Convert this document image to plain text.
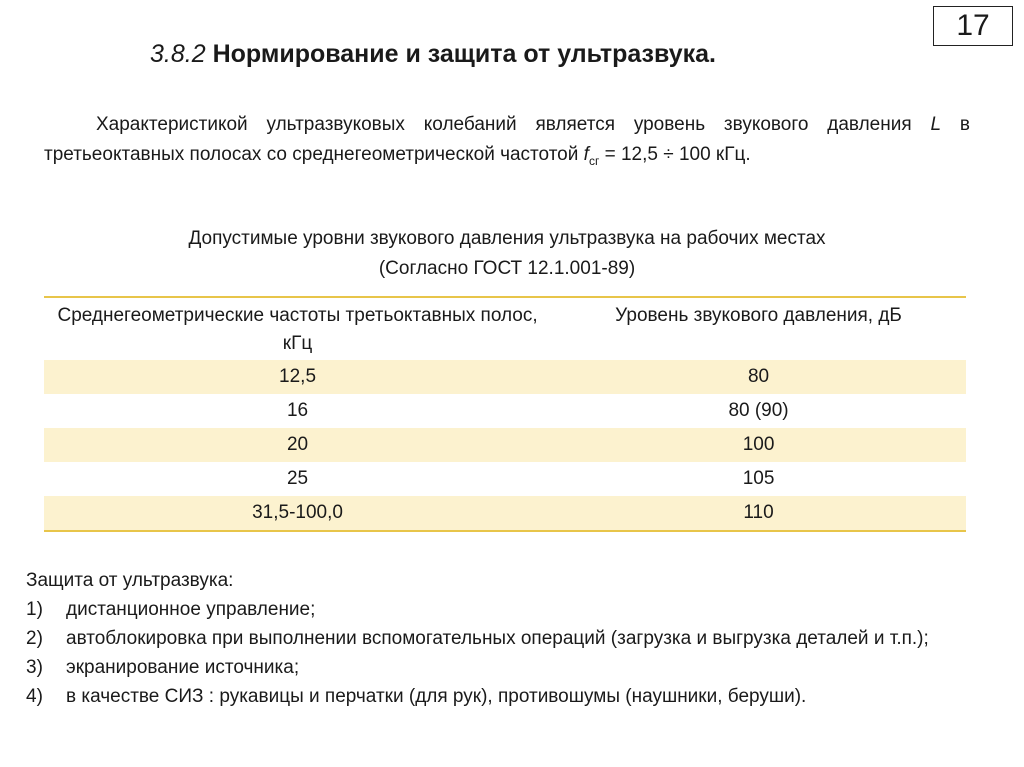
17
3.8.2 Нормирование и защита от ультразвука.

Характеристикой ультразвуковых колебаний является уровень звукового давления L в третьеоктавных полосах со среднегеометрической частотой $f_{сг} = 12,5 \div 100$ кГц.

Допустимые уровни звукового давления ультразвука на рабочих местах
(Согласно ГОСТ 12.1.001-89)
Среднегеометрические частоты третьоктавных полос, кГц	Уровень звукового давления, дБ
12,5	80
16	80 (90)
20	100
25	105
31,5-100,0	110
Защита от ультразвука:
1)	дистанционное управление;
2)	автоблокировка при выполнении вспомогательных операций (загрузка и выгрузка деталей и т.п.);
3)	экранирование источника;
4)	в качестве СИЗ : рукавицы и перчатки (для рук), противошумы (наушники, беруши).
